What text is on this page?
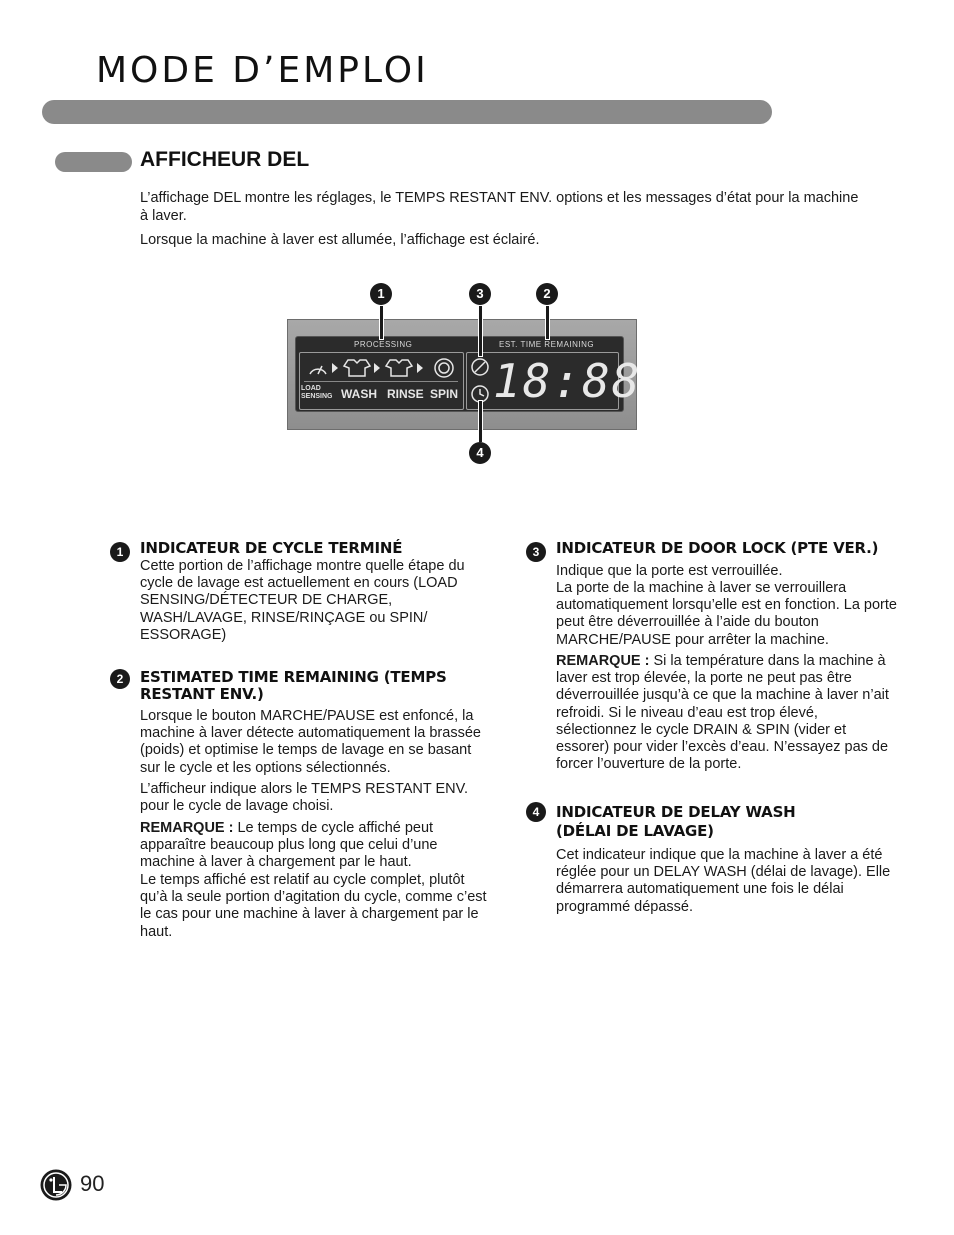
MODE D’EMPLOI
AFFICHEUR DEL
L’affichage DEL montre les réglages, le TEMPS RESTANT ENV. options et les messages d’état pour la machine à laver.
Lorsque la machine à laver est allumée, l’affichage est éclairé.
PROCESSING	EST. TIME REMAINING
LOAD
SENSING WASH RINSE SPIN 18:88
1	3	2
4
1	INDICATEUR DE CYCLE TERMINÉ
Cette portion de l’affichage montre quelle étape du cycle de lavage est actuellement en cours (LOAD SENSING/DÉTECTEUR DE CHARGE, WASH/LAVAGE, RINSE/RINÇAGE ou SPIN/ ESSORAGE)
2	ESTIMATED TIME REMAINING (TEMPS RESTANT ENV.)
Lorsque le bouton MARCHE/PAUSE est enfoncé, la machine à laver détecte automatiquement la brassée (poids) et optimise le temps de lavage en se basant sur le cycle et les options sélectionnés.
L’afficheur indique alors le TEMPS RESTANT ENV. pour le cycle de lavage choisi.
REMARQUE : Le temps de cycle affiché peut apparaître beaucoup plus long que celui d’une machine à laver à chargement par le haut.
Le temps affiché est relatif au cycle complet, plutôt qu’à la seule portion d’agitation du cycle, comme c’est le cas pour une machine à laver à chargement par le haut.
3	INDICATEUR DE DOOR LOCK (PTE VER.)
Indique que la porte est verrouillée.
La porte de la machine à laver se verrouillera automatiquement lorsqu’elle est en fonction. La porte peut être déverrouillée à l’aide du bouton MARCHE/PAUSE pour arrêter la machine.
REMARQUE : Si la température dans la machine à laver est trop élevée, la porte ne peut pas être déverrouillée jusqu’à ce que la machine à laver n’ait refroidi. Si le niveau d’eau est trop élevé, sélectionnez le cycle DRAIN & SPIN (vider et essorer) pour vider l’excès d’eau. N’essayez pas de forcer l’ouverture de la porte.
4	INDICATEUR DE DELAY WASH
(DÉLAI DE LAVAGE)
Cet indicateur indique que la machine à laver a été réglée pour un DELAY WASH (délai de lavage). Elle démarrera automatiquement une fois le délai programmé dépassé.
90
